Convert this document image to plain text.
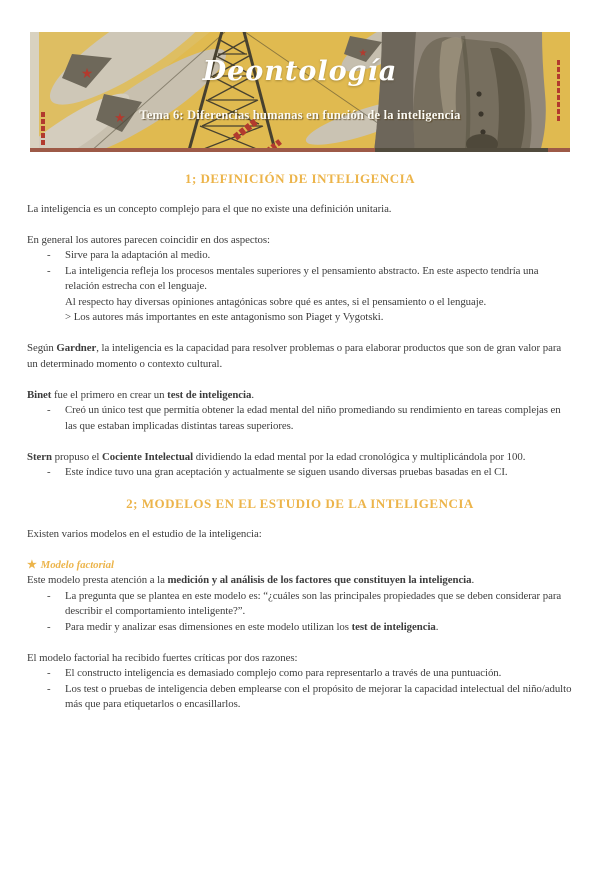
★
★
★
Deontología
Tema 6: Diferencias humanas en función de la inteligencia
1; DEFINICIÓN DE INTELIGENCIA
La inteligencia es un concepto complejo para el que no existe una definición unitaria.
En general los autores parecen coincidir en dos aspectos:
- Sirve para la adaptación al medio.
- La inteligencia refleja los procesos mentales superiores y el pensamiento abstracto. En este aspecto tendría una relación estrecha con el lenguaje.
Al respecto hay diversas opiniones antagónicas sobre qué es antes, si el pensamiento o el lenguaje.
> Los autores más importantes en este antagonismo son Piaget y Vygotski.
Según Gardner, la inteligencia es la capacidad para resolver problemas o para elaborar productos que son de gran valor para un determinado momento o contexto cultural.
Binet fue el primero en crear un test de inteligencia.
- Creó un único test que permitía obtener la edad mental del niño promediando su rendimiento en tareas complejas en las que estaban implicadas distintas tareas superiores.
Stern propuso el Cociente Intelectual dividiendo la edad mental por la edad cronológica y multiplicándola por 100.
- Este índice tuvo una gran aceptación y actualmente se siguen usando diversas pruebas basadas en el CI.
2; MODELOS EN EL ESTUDIO DE LA INTELIGENCIA
Existen varios modelos en el estudio de la inteligencia:
★ Modelo factorial
Este modelo presta atención a la medición y al análisis de los factores que constituyen la inteligencia.
- La pregunta que se plantea en este modelo es: “¿cuáles son las principales propiedades que se deben considerar para describir el comportamiento inteligente?”.
- Para medir y analizar esas dimensiones en este modelo utilizan los test de inteligencia.
El modelo factorial ha recibido fuertes críticas por dos razones:
- El constructo inteligencia es demasiado complejo como para representarlo a través de una puntuación.
- Los test o pruebas de inteligencia deben emplearse con el propósito de mejorar la capacidad intelectual del niño/adulto más que para etiquetarlos o encasillarlos.
